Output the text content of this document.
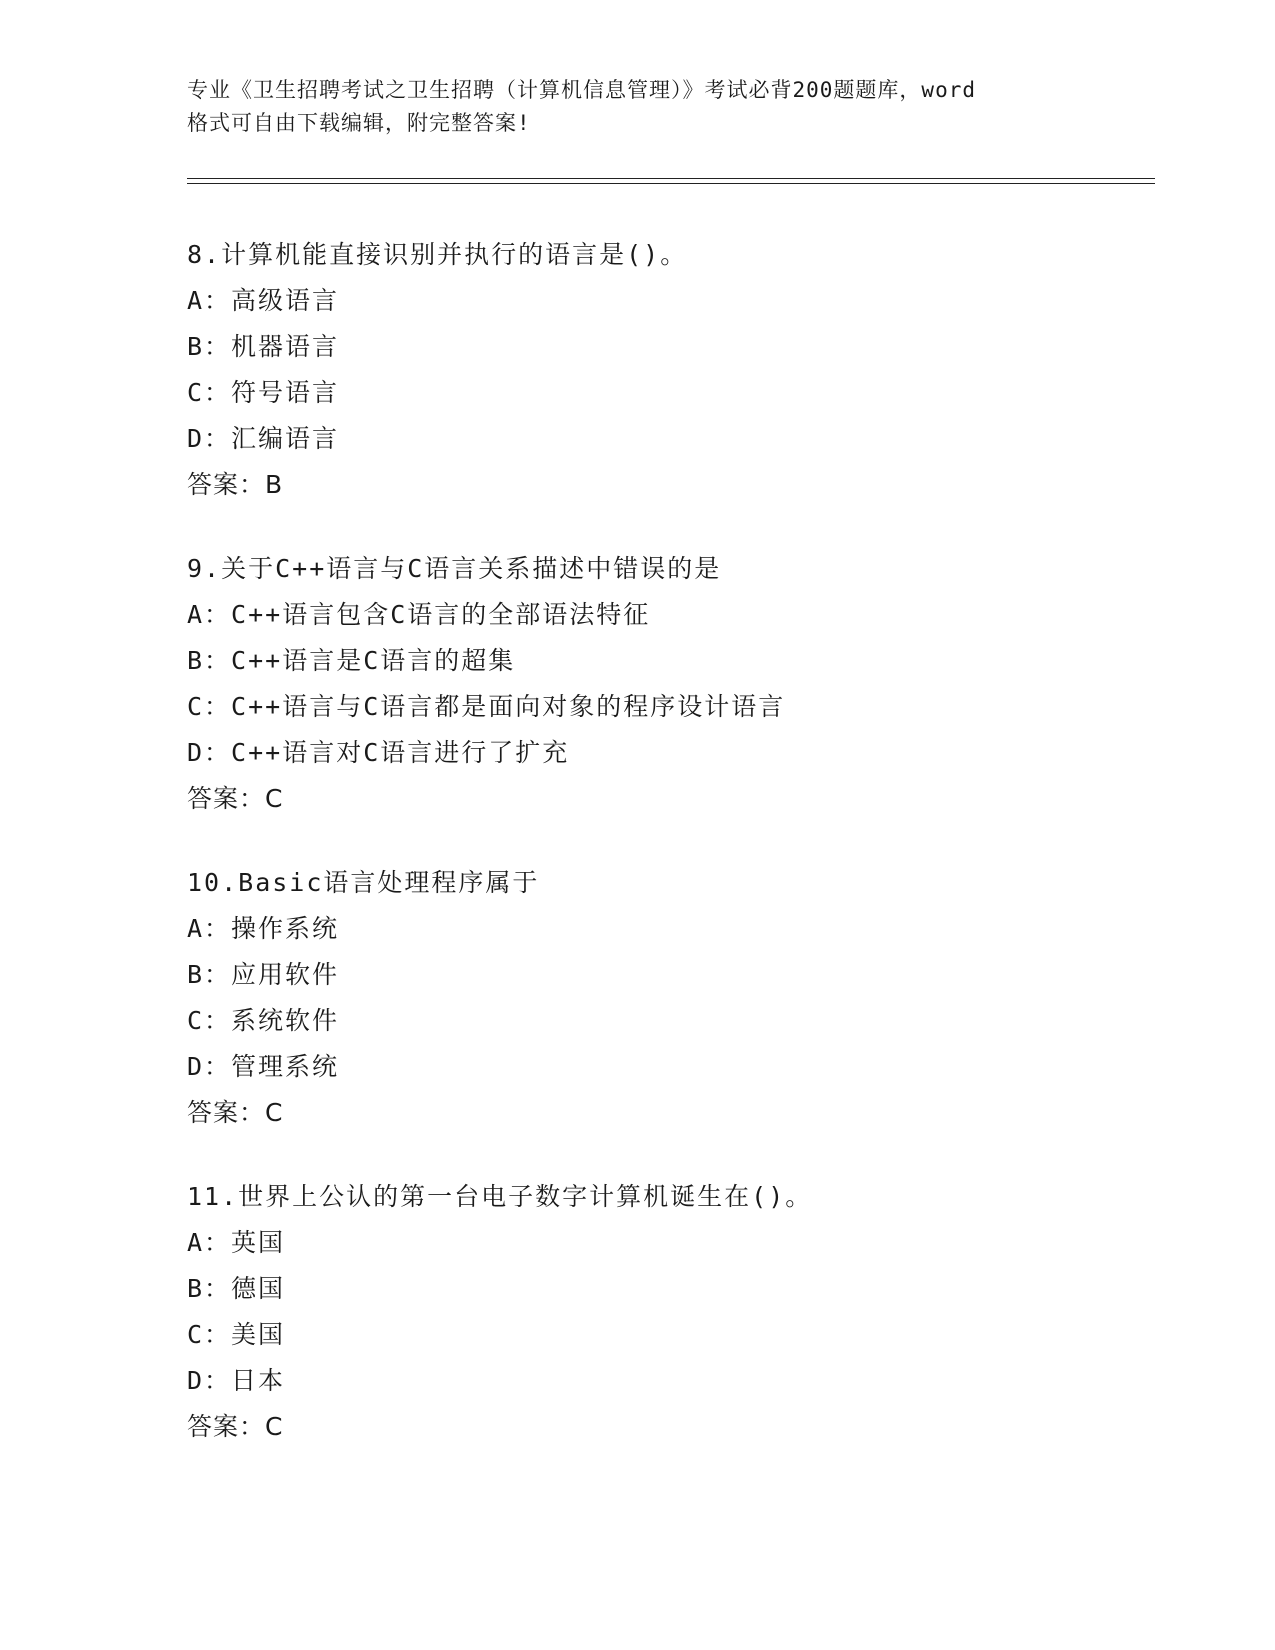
专业《卫生招聘考试之卫生招聘（计算机信息管理）》考试必背200题题库，word
格式可自由下载编辑，附完整答案!
8.计算机能直接识别并执行的语言是()。
A：高级语言
B：机器语言
C：符号语言
D：汇编语言
答案：B
9.关于C++语言与C语言关系描述中错误的是
A：C++语言包含C语言的全部语法特征
B：C++语言是C语言的超集
C：C++语言与C语言都是面向对象的程序设计语言
D：C++语言对C语言进行了扩充
答案：C
10.Basic语言处理程序属于
A：操作系统
B：应用软件
C：系统软件
D：管理系统
答案：C
11.世界上公认的第一台电子数字计算机诞生在()。
A：英国
B：德国
C：美国
D：日本
答案：C
